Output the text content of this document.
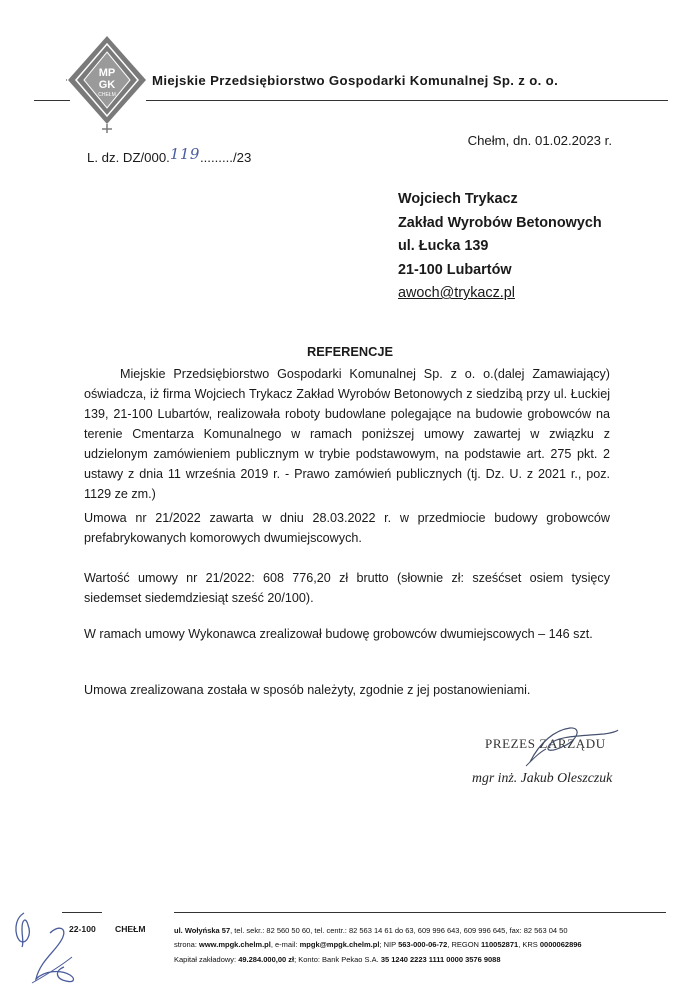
MP
GK
CHEŁM
Miejskie Przedsiębiorstwo Gospodarki Komunalnej Sp. z o. o.
Chełm, dn. 01.02.2023 r.
L. dz. DZ/000.119........./23
Wojciech Trykacz
Zakład Wyrobów Betonowych
ul. Łucka 139
21-100 Lubartów
awoch@trykacz.pl
REFERENCJE

Miejskie Przedsiębiorstwo Gospodarki Komunalnej Sp. z o. o.(dalej Zamawiający) oświadcza, iż firma Wojciech Trykacz Zakład Wyrobów Betonowych z siedzibą przy ul. Łuckiej 139, 21-100 Lubartów, realizowała roboty budowlane polegające na budowie grobowców na terenie Cmentarza Komunalnego w ramach poniższej umowy zawartej w związku z udzielonym zamówieniem publicznym w trybie podstawowym, na podstawie art. 275 pkt. 2 ustawy z dnia 11 września 2019 r. - Prawo zamówień publicznych (tj. Dz. U. z 2021 r., poz. 1129 ze zm.)

Umowa nr 21/2022 zawarta w dniu 28.03.2022 r. w przedmiocie budowy grobowców prefabrykowanych komorowych dwumiejscowych.

Wartość umowy nr 21/2022: 608 776,20 zł brutto (słownie zł: sześćset osiem tysięcy siedemset siedemdziesiąt sześć 20/100).

W ramach umowy Wykonawca zrealizował budowę grobowców dwumiejscowych – 146 szt.

Umowa zrealizowana została w sposób należyty, zgodnie z jej postanowieniami.

PREZES ZARZĄDU
mgr inż. Jakub Oleszczuk
22-100 CHEŁM	ul. Wołyńska 57, tel. sekr.: 82 560 50 60, tel. centr.: 82 563 14 61 do 63, 609 996 643, 609 996 645, fax: 82 563 04 50
strona: www.mpgk.chelm.pl, e-mail: mpgk@mpgk.chelm.pl; NIP 563-000-06-72, REGON 110052871, KRS 0000062896
Kapitał zakładowy: 49.284.000,00 zł; Konto: Bank Pekao S.A. 35 1240 2223 1111 0000 3576 9088
